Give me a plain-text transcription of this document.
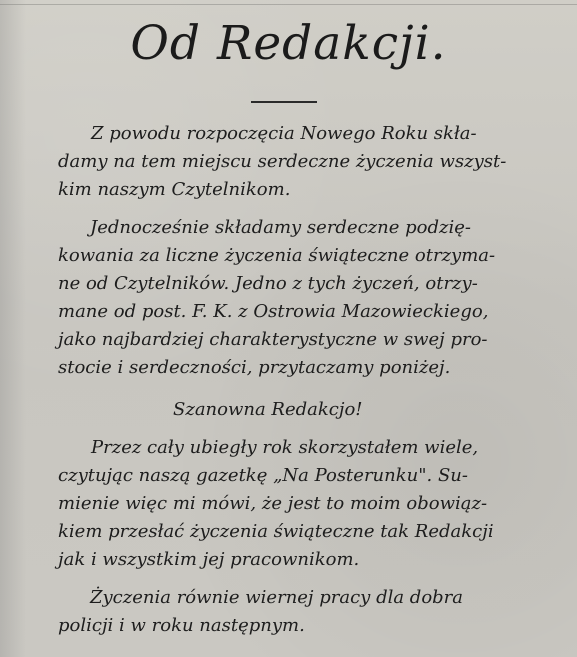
Od Redakcji.
Z powodu rozpoczęcia Nowego Roku skła-
damy na tem miejscu serdeczne życzenia wszyst-
kim naszym Czytelnikom.
Jednocześnie składamy serdeczne podzię-
kowania za liczne życzenia świąteczne otrzyma-
ne od Czytelników. Jedno z tych życzeń, otrzy-
mane od post. F. K. z Ostrowia Mazowieckiego,
jako najbardziej charakterystyczne w swej pro-
stocie i serdeczności, przytaczamy poniżej.
Szanowna Redakcjo!
Przez cały ubiegły rok skorzystałem wiele,
czytując naszą gazetkę „Na Posterunku". Su-
mienie więc mi mówi, że jest to moim obowiąz-
kiem przesłać życzenia świąteczne tak Redakcji
jak i wszystkim jej pracownikom.
Życzenia równie wiernej pracy dla dobra
policji i w roku następnym.
